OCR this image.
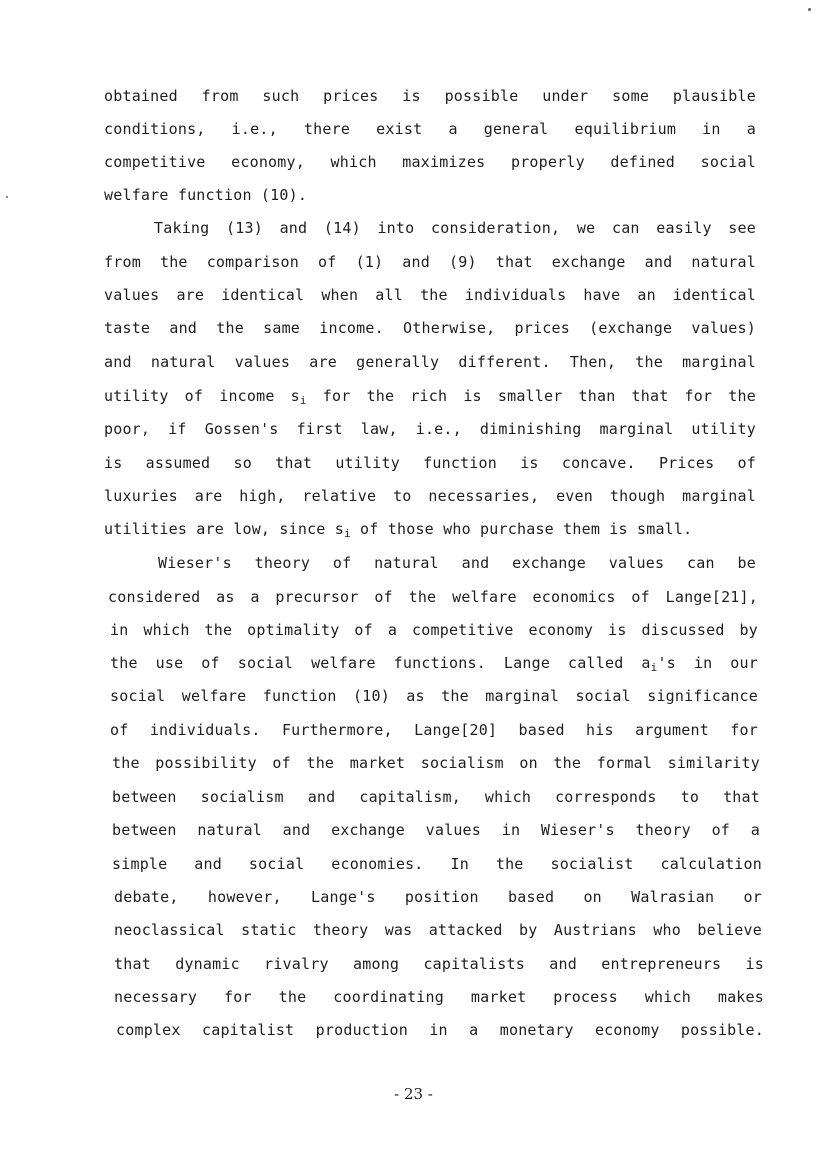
obtained from such prices is possible under some plausible
conditions, i.e., there exist a general equilibrium in a
competitive economy, which maximizes properly defined social
welfare function (10).
Taking (13) and (14) into consideration, we can easily see
from the comparison of (1) and (9) that exchange and natural
values are identical when all the individuals have an identical
taste and the same income. Otherwise, prices (exchange values)
and natural values are generally different. Then, the marginal
utility of income $s_i$ for the rich is smaller than that for the
poor, if Gossen's first law, i.e., diminishing marginal utility
is assumed so that utility function is concave. Prices of
luxuries are high, relative to necessaries, even though marginal
utilities are low, since $s_i$ of those who purchase them is small.
Wieser's theory of natural and exchange values can be
considered as a precursor of the welfare economics of Lange[21],
in which the optimality of a competitive economy is discussed by
the use of social welfare functions. Lange called $a_i's$ in our
social welfare function (10) as the marginal social significance
of individuals. Furthermore, Lange[20] based his argument for
the possibility of the market socialism on the formal similarity
between socialism and capitalism, which corresponds to that
between natural and exchange values in Wieser's theory of a
simple and social economies. In the socialist calculation
debate, however, Lange's position based on Walrasian or
neoclassical static theory was attacked by Austrians who believe
that dynamic rivalry among capitalists and entrepreneurs is
necessary for the coordinating market process which makes
complex capitalist production in a monetary economy possible.
- 23 -
